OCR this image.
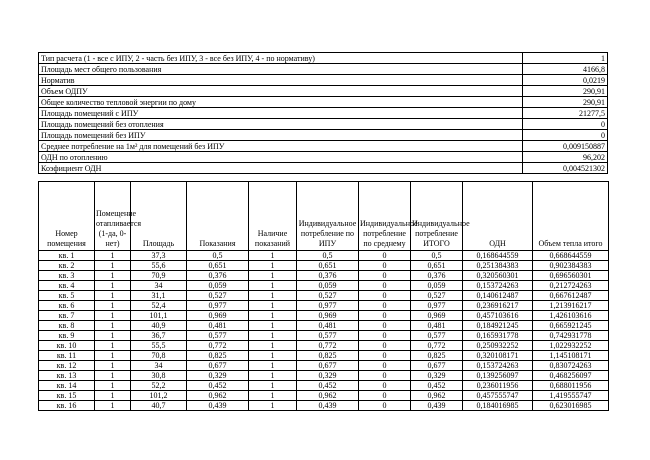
Тип расчета (1 - все с ИПУ, 2 - часть без ИПУ, 3 - все без ИПУ, 4 - по нормативу)	1
Площадь мест общего пользования	4166,8
Норматив	0,0219
Объем ОДПУ	290,91
Общее количество тепловой энергии по дому	290,91
Площадь помещений с ИПУ	21277,5
Площадь помещений без отопления	0
Площадь помещений без ИПУ	0
Среднее потребление на 1м² для помещений без ИПУ	0,009150887
ОДН по отоплению	96,202
Коэфициент ОДН	0,004521302
Номер помещения	Помещение отапливается (1-да, 0-нет)	Площадь	Показания	Наличие показаний	Индивидуальное потребление по ИПУ	Индивидуальное потребление по среднему	Индивидуальное потребление ИТОГО	ОДН	Объем тепла итого
кв. 1	1	37,3	0,5	1	0,5	0	0,5	0,168644559	0,668644559
кв. 2	1	55,6	0,651	1	0,651	0	0,651	0,251384383	0,902384383
кв. 3	1	70,9	0,376	1	0,376	0	0,376	0,320560301	0,696560301
кв. 4	1	34	0,059	1	0,059	0	0,059	0,153724263	0,212724263
кв. 5	1	31,1	0,527	1	0,527	0	0,527	0,140612487	0,667612487
кв. 6	1	52,4	0,977	1	0,977	0	0,977	0,236916217	1,213916217
кв. 7	1	101,1	0,969	1	0,969	0	0,969	0,457103616	1,426103616
кв. 8	1	40,9	0,481	1	0,481	0	0,481	0,184921245	0,665921245
кв. 9	1	36,7	0,577	1	0,577	0	0,577	0,165931778	0,742931778
кв. 10	1	55,5	0,772	1	0,772	0	0,772	0,250932252	1,022932252
кв. 11	1	70,8	0,825	1	0,825	0	0,825	0,320108171	1,145108171
кв. 12	1	34	0,677	1	0,677	0	0,677	0,153724263	0,830724263
кв. 13	1	30,8	0,329	1	0,329	0	0,329	0,139256097	0,468256097
кв. 14	1	52,2	0,452	1	0,452	0	0,452	0,236011956	0,688011956
кв. 15	1	101,2	0,962	1	0,962	0	0,962	0,457555747	1,419555747
кв. 16	1	40,7	0,439	1	0,439	0	0,439	0,184016985	0,623016985
